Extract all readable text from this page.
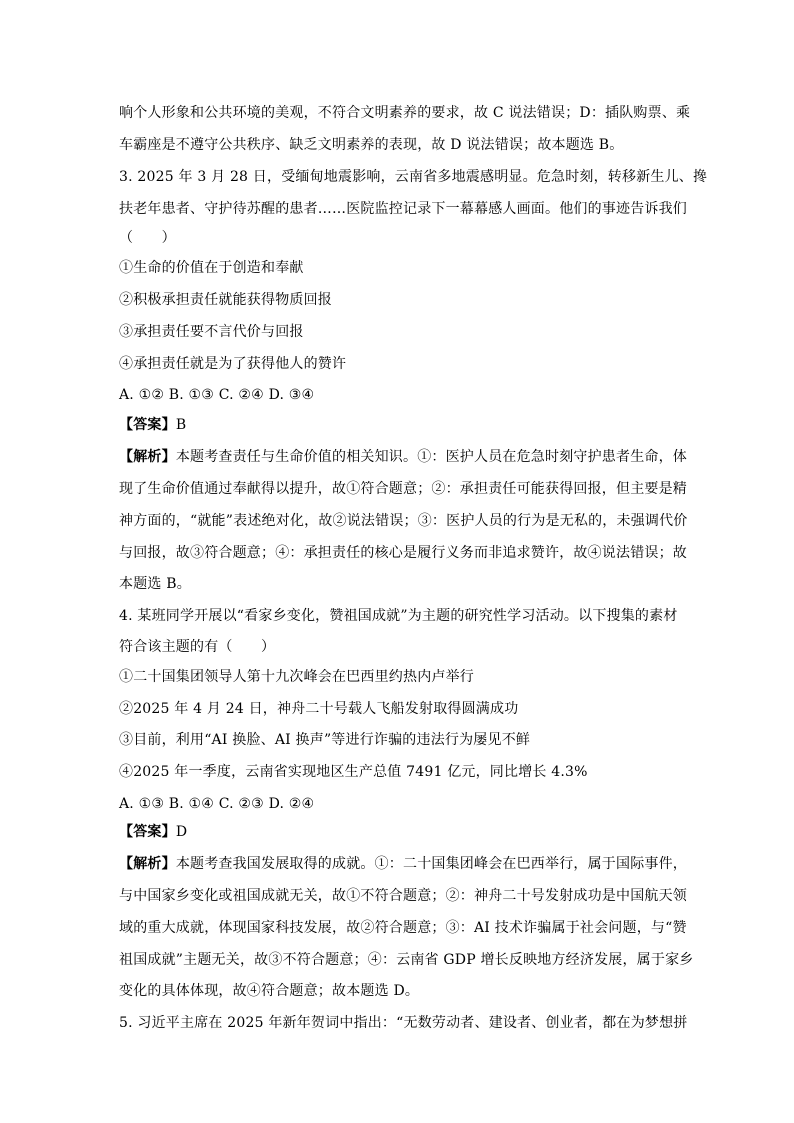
响个人形象和公共环境的美观，不符合文明素养的要求，故 C 说法错误；D：插队购票、乘
车霸座是不遵守公共秩序、缺乏文明素养的表现，故 D 说法错误；故本题选 B。
3. 2025 年 3 月 28 日，受缅甸地震影响，云南省多地震感明显。危急时刻，转移新生儿、搀
扶老年患者、守护待苏醒的患者……医院监控记录下一幕幕感人画面。他们的事迹告诉我们
（　　）
①生命的价值在于创造和奉献
②积极承担责任就能获得物质回报
③承担责任要不言代价与回报
④承担责任就是为了获得他人的赞许
A. ①② B. ①③ C. ②④ D. ③④
【答案】B
【解析】本题考查责任与生命价值的相关知识。①：医护人员在危急时刻守护患者生命，体
现了生命价值通过奉献得以提升，故①符合题意；②：承担责任可能获得回报，但主要是精
神方面的，“就能”表述绝对化，故②说法错误；③：医护人员的行为是无私的，未强调代价
与回报，故③符合题意；④：承担责任的核心是履行义务而非追求赞许，故④说法错误；故
本题选 B。
4. 某班同学开展以“看家乡变化，赞祖国成就”为主题的研究性学习活动。以下搜集的素材
符合该主题的有（　　）
①二十国集团领导人第十九次峰会在巴西里约热内卢举行
②2025 年 4 月 24 日，神舟二十号载人飞船发射取得圆满成功
③目前，利用“AI 换脸、AI 换声”等进行诈骗的违法行为屡见不鲜
④2025 年一季度，云南省实现地区生产总值 7491 亿元，同比增长 4.3%
A. ①③ B. ①④ C. ②③ D. ②④
【答案】D
【解析】本题考查我国发展取得的成就。①：二十国集团峰会在巴西举行，属于国际事件，
与中国家乡变化或祖国成就无关，故①不符合题意；②：神舟二十号发射成功是中国航天领
域的重大成就，体现国家科技发展，故②符合题意；③：AI 技术诈骗属于社会问题，与“赞
祖国成就”主题无关，故③不符合题意；④：云南省 GDP 增长反映地方经济发展，属于家乡
变化的具体体现，故④符合题意；故本题选 D。
5. 习近平主席在 2025 年新年贺词中指出：“无数劳动者、建设者、创业者，都在为梦想拼
